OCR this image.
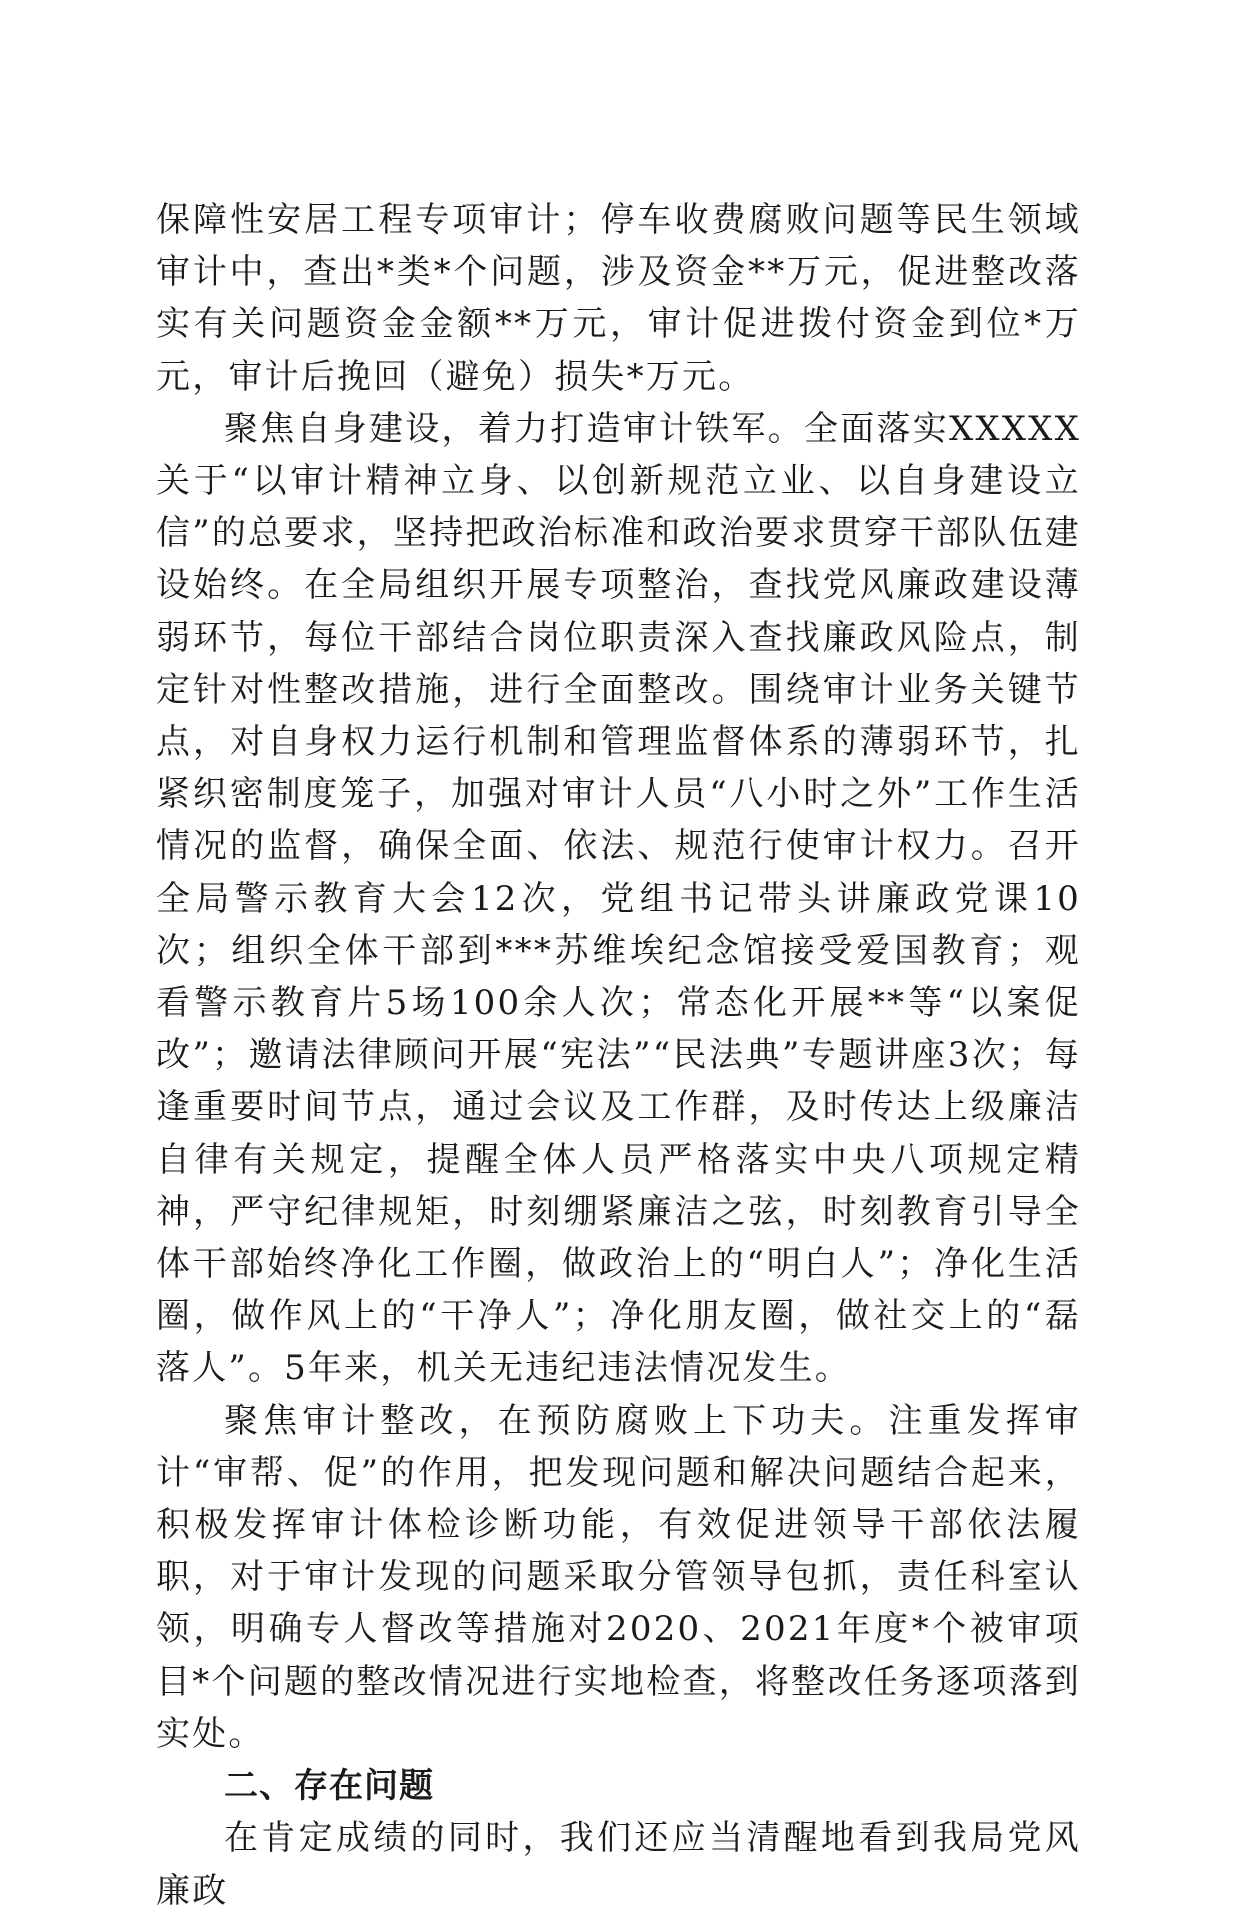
保障性安居工程专项审计；停车收费腐败问题等民生领域审计中，查出*类*个问题，涉及资金**万元，促进整改落实有关问题资金金额**万元，审计促进拨付资金到位*万元，审计后挽回（避免）损失*万元。

聚焦自身建设，着力打造审计铁军。全面落实XXXXX关于“以审计精神立身、以创新规范立业、以自身建设立信”的总要求，坚持把政治标准和政治要求贯穿干部队伍建设始终。在全局组织开展专项整治，查找党风廉政建设薄弱环节，每位干部结合岗位职责深入查找廉政风险点，制定针对性整改措施，进行全面整改。围绕审计业务关键节点，对自身权力运行机制和管理监督体系的薄弱环节，扎紧织密制度笼子，加强对审计人员“八小时之外”工作生活情况的监督，确保全面、依法、规范行使审计权力。召开全局警示教育大会12次，党组书记带头讲廉政党课10次；组织全体干部到***苏维埃纪念馆接受爱国教育；观看警示教育片5场100余人次；常态化开展**等“以案促改”；邀请法律顾问开展“宪法”“民法典”专题讲座3次；每逢重要时间节点，通过会议及工作群，及时传达上级廉洁自律有关规定，提醒全体人员严格落实中央八项规定精神，严守纪律规矩，时刻绷紧廉洁之弦，时刻教育引导全体干部始终净化工作圈，做政治上的“明白人”；净化生活圈，做作风上的“干净人”；净化朋友圈，做社交上的“磊落人”。5年来，机关无违纪违法情况发生。

聚焦审计整改，在预防腐败上下功夫。注重发挥审计“审帮、促”的作用，把发现问题和解决问题结合起来，积极发挥审计体检诊断功能，有效促进领导干部依法履职，对于审计发现的问题采取分管领导包抓，责任科室认领，明确专人督改等措施对2020、2021年度*个被审项目*个问题的整改情况进行实地检查，将整改任务逐项落到实处。

二、存在问题

在肯定成绩的同时，我们还应当清醒地看到我局党风廉政
